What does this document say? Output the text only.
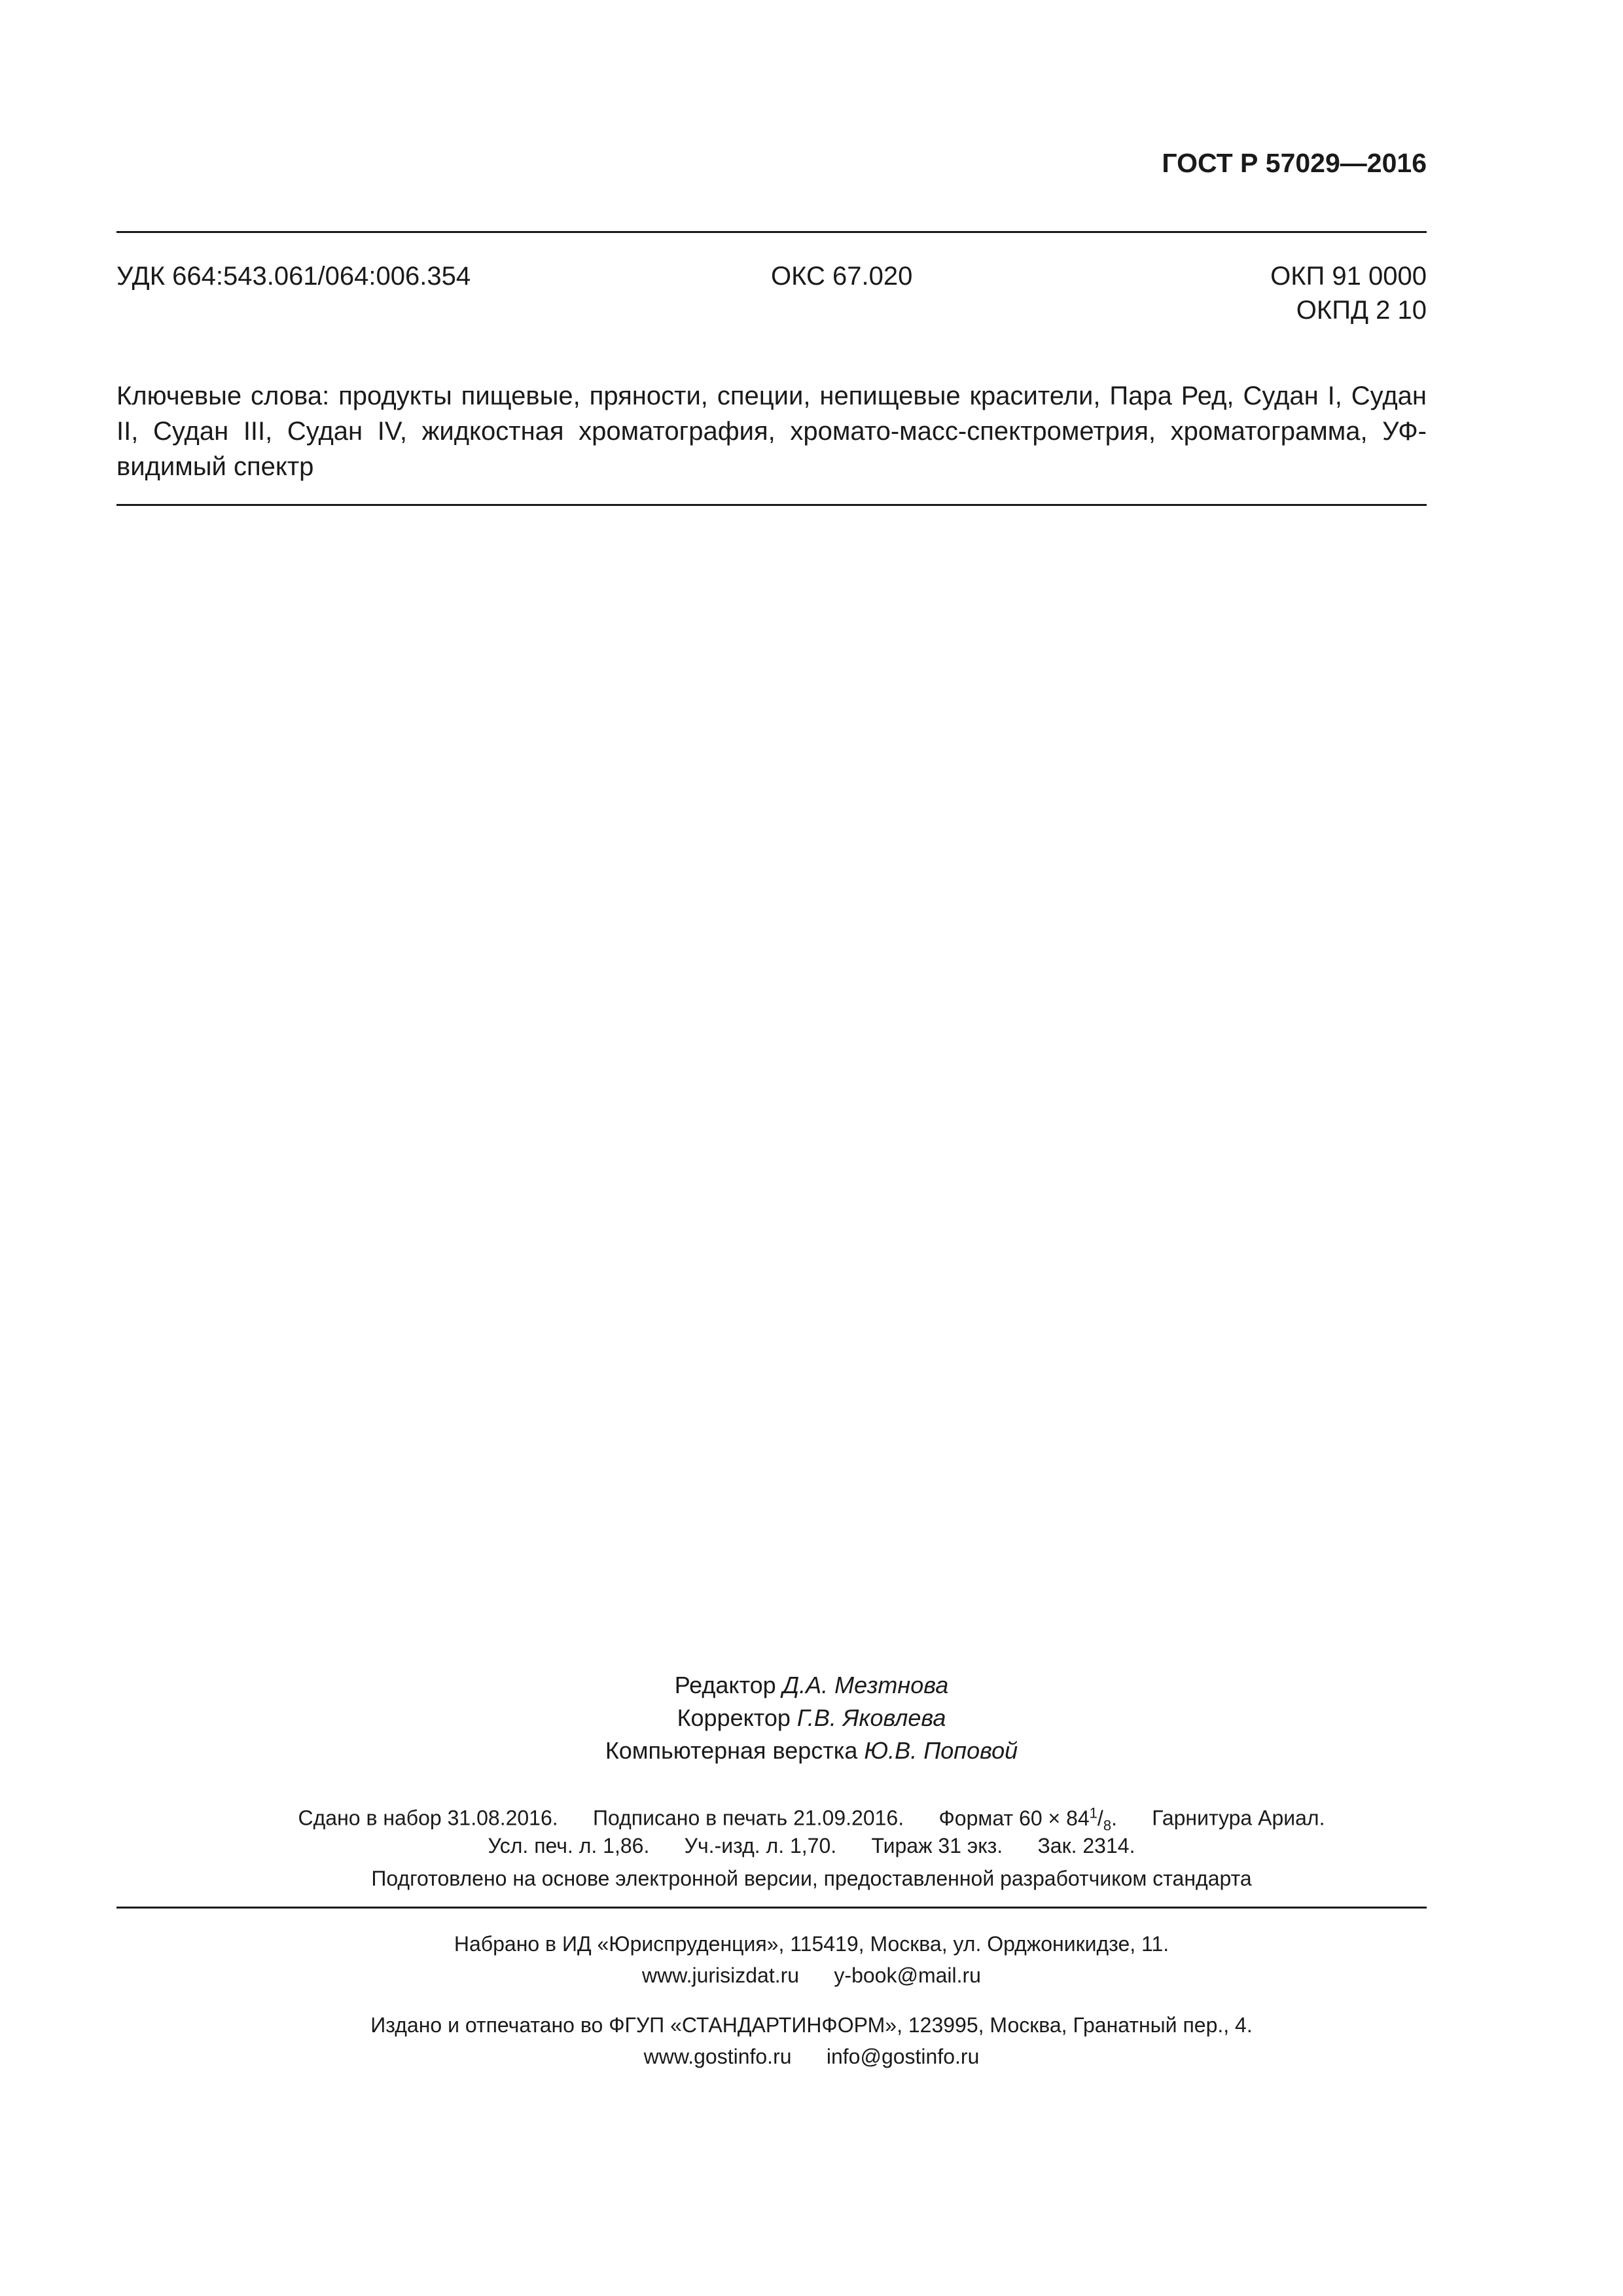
ГОСТ Р 57029—2016
УДК 664:543.061/064:006.354	ОКС 67.020	ОКП 91 0000
ОКПД 2 10
Ключевые слова: продукты пищевые, пряности, специи, непищевые красители, Пара Ред, Судан I, Судан II, Судан III, Судан IV, жидкостная хроматография, хромато-масс-спектрометрия, хроматограмма, УФ-видимый спектр
Редактор Д.А. Мезтнова
Корректор Г.В. Яковлева
Компьютерная верстка Ю.В. Поповой
Сдано в набор 31.08.2016. Подписано в печать 21.09.2016. Формат $60 \times 84^1/_8$. Гарнитура Ариал.
Усл. печ. л. 1,86. Уч.-изд. л. 1,70. Тираж 31 экз. Зак. 2314.
Подготовлено на основе электронной версии, предоставленной разработчиком стандарта
Набрано в ИД «Юриспруденция», 115419, Москва, ул. Орджоникидзе, 11.
www.jurisizdat.ru y-book@mail.ru
Издано и отпечатано во ФГУП «СТАНДАРТИНФОРМ», 123995, Москва, Гранатный пер., 4.
www.gostinfo.ru info@gostinfo.ru
